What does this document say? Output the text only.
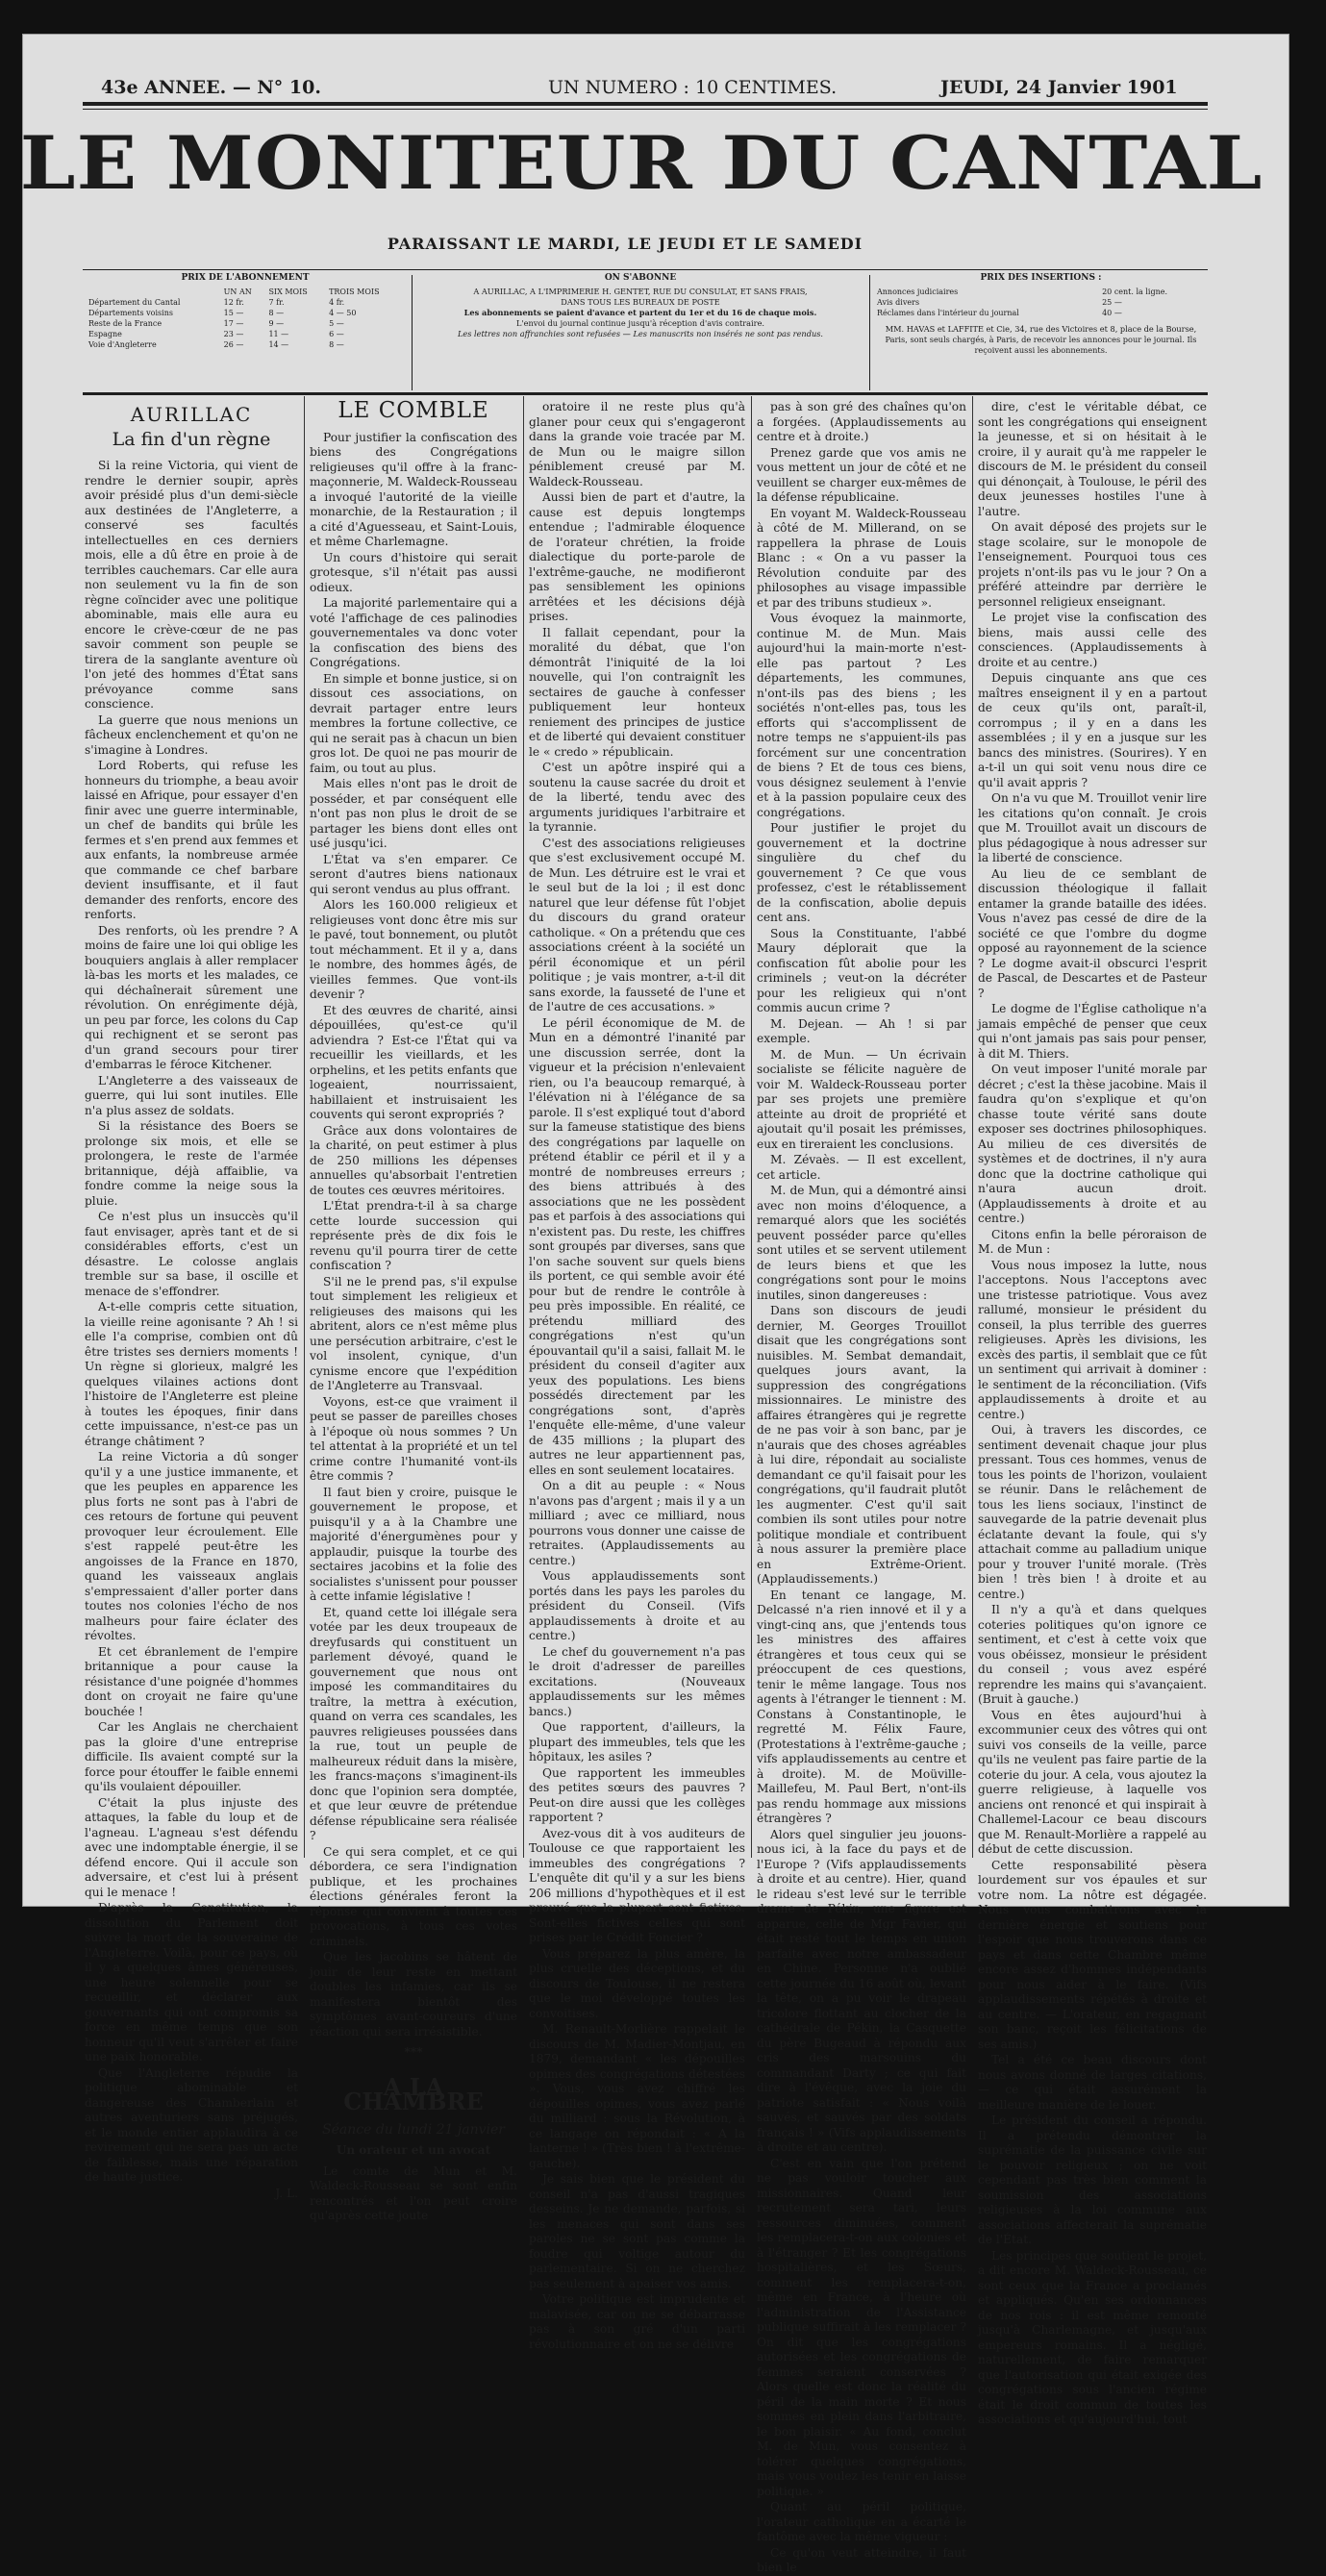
43e ANNEE. — N° 10.	UN NUMERO : 10 CENTIMES.	JEUDI, 24 Janvier 1901
LE MONITEUR DU CANTAL
PARAISSANT LE MARDI, LE JEUDI ET LE SAMEDI
PRIX DE L'ABONNEMENT
	UN AN	SIX MOIS	TROIS MOIS
Département du Cantal	12 fr.	7 fr.	4 fr.
Départements voisins	15 —	8 —	4 — 50
Reste de la France	17 —	9 —	5 —
Espagne	23 —	11 —	6 —
Voie d'Angleterre	26 —	14 —	8 —
ON S'ABONNE
A AURILLAC, A L'IMPRIMERIE H. GENTET, RUE DU CONSULAT, ET SANS FRAIS,
DANS TOUS LES BUREAUX DE POSTE
Les abonnements se paient d'avance et partent du 1er et du 16 de chaque mois.
L'envoi du journal continue jusqu'à réception d'avis contraire.
Les lettres non affranchies sont refusées — Les manuscrits non insérés ne sont pas rendus.
PRIX DES INSERTIONS :
Annonces judiciaires	20 cent. la ligne.
Avis divers	25 —
Réclames dans l'intérieur du journal	40 —
MM. HAVAS et LAFFITE et Cie, 34, rue des Victoires et 8, place de la Bourse, Paris, sont seuls chargés, à Paris, de recevoir les annonces pour le journal. Ils reçoivent aussi les abonnements.
AURILLAC
La fin d'un règne

Si la reine Victoria, qui vient de rendre le dernier soupir, après avoir présidé plus d'un demi-siècle aux destinées de l'Angleterre, a conservé ses facultés intellectuelles en ces derniers mois, elle a dû être en proie à de terribles cauchemars. Car elle aura non seulement vu la fin de son règne coïncider avec une politique abominable, mais elle aura eu encore le crève-cœur de ne pas savoir comment son peuple se tirera de la sanglante aventure où l'on jeté des hommes d'État sans prévoyance comme sans conscience.

La guerre que nous menions un fâcheux enclenchement et qu'on ne s'imagine à Londres.

Lord Roberts, qui refuse les honneurs du triomphe, a beau avoir laissé en Afrique, pour essayer d'en finir avec une guerre interminable, un chef de bandits qui brûle les fermes et s'en prend aux femmes et aux enfants, la nombreuse armée que commande ce chef barbare devient insuffisante, et il faut demander des renforts, encore des renforts.

Des renforts, où les prendre ? A moins de faire une loi qui oblige les bouquiers anglais à aller remplacer là-bas les morts et les malades, ce qui déchaînerait sûrement une révolution. On enrégimente déjà, un peu par force, les colons du Cap qui rechignent et se seront pas d'un grand secours pour tirer d'embarras le féroce Kitchener.

L'Angleterre a des vaisseaux de guerre, qui lui sont inutiles. Elle n'a plus assez de soldats.

Si la résistance des Boers se prolonge six mois, et elle se prolongera, le reste de l'armée britannique, déjà affaiblie, va fondre comme la neige sous la pluie.

Ce n'est plus un insuccès qu'il faut envisager, après tant et de si considérables efforts, c'est un désastre. Le colosse anglais tremble sur sa base, il oscille et menace de s'effondrer.

A-t-elle compris cette situation, la vieille reine agonisante ? Ah ! si elle l'a comprise, combien ont dû être tristes ses derniers moments ! Un règne si glorieux, malgré les quelques vilaines actions dont l'histoire de l'Angleterre est pleine à toutes les époques, finir dans cette impuissance, n'est-ce pas un étrange châtiment ?

La reine Victoria a dû songer qu'il y a une justice immanente, et que les peuples en apparence les plus forts ne sont pas à l'abri de ces retours de fortune qui peuvent provoquer leur écroulement. Elle s'est rappelé peut-être les angoisses de la France en 1870, quand les vaisseaux anglais s'empressaient d'aller porter dans toutes nos colonies l'écho de nos malheurs pour faire éclater des révoltes.

Et cet ébranlement de l'empire britannique a pour cause la résistance d'une poignée d'hommes dont on croyait ne faire qu'une bouchée !

Car les Anglais ne cherchaient pas la gloire d'une entreprise difficile. Ils avaient compté sur la force pour étouffer le faible ennemi qu'ils voulaient dépouiller.

C'était la plus injuste des attaques, la fable du loup et de l'agneau. L'agneau s'est défendu avec une indomptable énergie, il se défend encore. Qui il accule son adversaire, et c'est lui à présent qui le menace !

D'après la Constitution, la dissolution du Parlement doit suivre la mort de la souveraine de l'Angleterre. Voilà, pour ce pays, où il y a quelques âmes généreuses, une heure solennelle pour se recueillir, et déclarer aux gouvernants qui ont compromis sa force en même temps que son honneur qu'il veut s'arrêter et faire une paix honorable.

Que l'Angleterre répudie la politique abominable et dangereuse des Chamberlain et autres aventuriers sans préjugés, et le monde entier applaudira à ce revirement qui ne sera pas un acte de faiblesse, mais une réparation de haute justice.

J. L.
LE COMBLE

Pour justifier la confiscation des biens des Congrégations religieuses qu'il offre à la franc-maçonnerie, M. Waldeck-Rousseau a invoqué l'autorité de la vieille monarchie, de la Restauration ; il a cité d'Aguesseau, et Saint-Louis, et même Charlemagne.

Un cours d'histoire qui serait grotesque, s'il n'était pas aussi odieux.

La majorité parlementaire qui a voté l'affichage de ces palinodies gouvernementales va donc voter la confiscation des biens des Congrégations.

En simple et bonne justice, si on dissout ces associations, on devrait partager entre leurs membres la fortune collective, ce qui ne serait pas à chacun un bien gros lot. De quoi ne pas mourir de faim, ou tout au plus.

Mais elles n'ont pas le droit de posséder, et par conséquent elle n'ont pas non plus le droit de se partager les biens dont elles ont usé jusqu'ici.

L'État va s'en emparer. Ce seront d'autres biens nationaux qui seront vendus au plus offrant.

Alors les 160.000 religieux et religieuses vont donc être mis sur le pavé, tout bonnement, ou plutôt tout méchamment. Et il y a, dans le nombre, des hommes âgés, de vieilles femmes. Que vont-ils devenir ?

Et des œuvres de charité, ainsi dépouillées, qu'est-ce qu'il adviendra ? Est-ce l'État qui va recueillir les vieillards, et les orphelins, et les petits enfants que logeaient, nourrissaient, habillaient et instruisaient les couvents qui seront expropriés ?

Grâce aux dons volontaires de la charité, on peut estimer à plus de 250 millions les dépenses annuelles qu'absorbait l'entretien de toutes ces œuvres méritoires.

L'État prendra-t-il à sa charge cette lourde succession qui représente près de dix fois le revenu qu'il pourra tirer de cette confiscation ?

S'il ne le prend pas, s'il expulse tout simplement les religieux et religieuses des maisons qui les abritent, alors ce n'est même plus une persécution arbitraire, c'est le vol insolent, cynique, d'un cynisme encore que l'expédition de l'Angleterre au Transvaal.

Voyons, est-ce que vraiment il peut se passer de pareilles choses à l'époque où nous sommes ? Un tel attentat à la propriété et un tel crime contre l'humanité vont-ils être commis ?

Il faut bien y croire, puisque le gouvernement le propose, et puisqu'il y a à la Chambre une majorité d'énergumènes pour y applaudir, puisque la tourbe des sectaires jacobins et la folie des socialistes s'unissent pour pousser à cette infamie législative !

Et, quand cette loi illégale sera votée par les deux troupeaux de dreyfusards qui constituent un parlement dévoyé, quand le gouvernement que nous ont imposé les commanditaires du traître, la mettra à exécution, quand on verra ces scandales, les pauvres religieuses poussées dans la rue, tout un peuple de malheureux réduit dans la misère, les francs-maçons s'imaginent-ils donc que l'opinion sera domptée, et que leur œuvre de prétendue défense républicaine sera réalisée ?

Ce qui sera complet, et ce qui débordera, ce sera l'indignation publique, et les prochaines élections générales feront la réponse qui convient à toutes ces provocations, à tous ces votes criminels.

Que les jacobins se hâtent de jouir de leur reste en mettant doubles les infamies, car ils se manifestera bientôt des symptômes avant-coureurs d'une réaction qui sera irrésistible.

***
A LA CHAMBRE
Séance du lundi 21 janvier
Un orateur et un avocat

Le comte de Mun et M. Waldeck-Rousseau se sont enfin rencontrés et l'on peut croire qu'après cette joute

oratoire il ne reste plus qu'à glaner pour ceux qui s'engageront dans la grande voie tracée par M. de Mun ou le maigre sillon péniblement creusé par M. Waldeck-Rousseau.

Aussi bien de part et d'autre, la cause est depuis longtemps entendue ; l'admirable éloquence de l'orateur chrétien, la froide dialectique du porte-parole de l'extrême-gauche, ne modifieront pas sensiblement les opinions arrêtées et les décisions déjà prises.

Il fallait cependant, pour la moralité du débat, que l'on démontrât l'iniquité de la loi nouvelle, qui l'on contraignît les sectaires de gauche à confesser publiquement leur honteux reniement des principes de justice et de liberté qui devaient constituer le « credo » républicain.

C'est un apôtre inspiré qui a soutenu la cause sacrée du droit et de la liberté, tendu avec des arguments juridiques l'arbitraire et la tyrannie.

C'est des associations religieuses que s'est exclusivement occupé M. de Mun. Les détruire est le vrai et le seul but de la loi ; il est donc naturel que leur défense fût l'objet du discours du grand orateur catholique. « On a prétendu que ces associations créent à la société un péril économique et un péril politique ; je vais montrer, a-t-il dit sans exorde, la fausseté de l'une et de l'autre de ces accusations. »

Le péril économique de M. de Mun en a démontré l'inanité par une discussion serrée, dont la vigueur et la précision n'enlevaient rien, ou l'a beaucoup remarqué, à l'élévation ni à l'élégance de sa parole. Il s'est expliqué tout d'abord sur la fameuse statistique des biens des congrégations par laquelle on prétend établir ce péril et il y a montré de nombreuses erreurs ; des biens attribués à des associations que ne les possèdent pas et parfois à des associations qui n'existent pas. Du reste, les chiffres sont groupés par diverses, sans que l'on sache souvent sur quels biens ils portent, ce qui semble avoir été pour but de rendre le contrôle à peu près impossible. En réalité, ce prétendu milliard des congrégations n'est qu'un épouvantail qu'il a saisi, fallait M. le président du conseil d'agiter aux yeux des populations. Les biens possédés directement par les congrégations sont, d'après l'enquête elle-même, d'une valeur de 435 millions ; la plupart des autres ne leur appartiennent pas, elles en sont seulement locataires.

On a dit au peuple : « Nous n'avons pas d'argent ; mais il y a un milliard ; avec ce milliard, nous pourrons vous donner une caisse de retraites. (Applaudissements au centre.)

Vous applaudissements sont portés dans les pays les paroles du président du Conseil. (Vifs applaudissements à droite et au centre.)

Le chef du gouvernement n'a pas le droit d'adresser de pareilles excitations. (Nouveaux applaudissements sur les mêmes bancs.)

Que rapportent, d'ailleurs, la plupart des immeubles, tels que les hôpitaux, les asiles ?

Que rapportent les immeubles des petites sœurs des pauvres ? Peut-on dire aussi que les collèges rapportent ?

Avez-vous dit à vos auditeurs de Toulouse ce que rapportaient les immeubles des congrégations ? L'enquête dit qu'il y a sur les biens 206 millions d'hypothèques et il est prouvé que la plupart sont fictives. Sont-elles fictives celles qui sont prises par le Crédit Foncier ?

Vous préparez la plus amère, la plus cruelle des déceptions, et du discours de Toulouse, il ne restera que le moi développé toutes les convoitises.

M. Renault-Morlière rappelait le discours de M. Madier-Montjau, en 1879, demandant « les dépouilles opimes des congrégations détestées ». Vous, vous avez chiffré les dépouilles opimes, vous avez parlé du milliard : sous la Révolution, à ce langage on répondait : « A la lanterne ! » (Très bien ! à l'extrême-gauche).

Je sais bien que le président du conseil n'a pas d'aussi tragiques desseins. Je ne demande, parfois, si les menaces qui sont dans ses paroles ne se sont pas comme la foudre qui voltige autour du parlementaire. Si on ne cherchez pas seulement à apaiser vos amis.

Votre politique est imprudente et malavisée, car on ne se débarrasse pas à son gré d'un parti révolutionnaire et on ne se délivre

pas à son gré des chaînes qu'on a forgées. (Applaudissements au centre et à droite.)

Prenez garde que vos amis ne vous mettent un jour de côté et ne veuillent se charger eux-mêmes de la défense républicaine.

En voyant M. Waldeck-Rousseau à côté de M. Millerand, on se rappellera la phrase de Louis Blanc : « On a vu passer la Révolution conduite par des philosophes au visage impassible et par des tribuns studieux ».

Vous évoquez la mainmorte, continue M. de Mun. Mais aujourd'hui la main-morte n'est-elle pas partout ? Les départements, les communes, n'ont-ils pas des biens ; les sociétés n'ont-elles pas, tous les efforts qui s'accomplissent de notre temps ne s'appuient-ils pas forcément sur une concentration de biens ? Et de tous ces biens, vous désignez seulement à l'envie et à la passion populaire ceux des congrégations.

Pour justifier le projet du gouvernement et la doctrine singulière du chef du gouvernement ? Ce que vous professez, c'est le rétablissement de la confiscation, abolie depuis cent ans.

Sous la Constituante, l'abbé Maury déplorait que la confiscation fût abolie pour les criminels ; veut-on la décréter pour les religieux qui n'ont commis aucun crime ?

M. Dejean. — Ah ! si par exemple.

M. de Mun. — Un écrivain socialiste se félicite naguère de voir M. Waldeck-Rousseau porter par ses projets une première atteinte au droit de propriété et ajoutait qu'il posait les prémisses, eux en tireraient les conclusions.

M. Zévaès. — Il est excellent, cet article.

M. de Mun, qui a démontré ainsi avec non moins d'éloquence, a remarqué alors que les sociétés peuvent posséder parce qu'elles sont utiles et se servent utilement de leurs biens et que les congrégations sont pour le moins inutiles, sinon dangereuses :

Dans son discours de jeudi dernier, M. Georges Trouillot disait que les congrégations sont nuisibles. M. Sembat demandait, quelques jours avant, la suppression des congrégations missionnaires. Le ministre des affaires étrangères qui je regrette de ne pas voir à son banc, par je n'aurais que des choses agréables à lui dire, répondait au socialiste demandant ce qu'il faisait pour les congrégations, qu'il faudrait plutôt les augmenter. C'est qu'il sait combien ils sont utiles pour notre politique mondiale et contribuent à nous assurer la première place en Extrême-Orient. (Applaudissements.)

En tenant ce langage, M. Delcassé n'a rien innové et il y a vingt-cinq ans, que j'entends tous les ministres des affaires étrangères et tous ceux qui se préoccupent de ces questions, tenir le même langage. Tous nos agents à l'étranger le tiennent : M. Constans à Constantinople, le regretté M. Félix Faure, (Protestations à l'extrême-gauche ; vifs applaudissements au centre et à droite). M. de Moüville-Maillefeu, M. Paul Bert, n'ont-ils pas rendu hommage aux missions étrangères ?

Alors quel singulier jeu jouons-nous ici, à la face du pays et de l'Europe ? (Vifs applaudissements à droite et au centre). Hier, quand le rideau s'est levé sur le terrible drame de Pékin, une figure est apparue, celle de Mgr Favier, qui était resté tout le temps en union parfaite avec notre ambassadeur en Chine. Personne n'a oublié cette journée du 16 août où, levant la tête, on a pu voir le drapeau tricolore flottant au clocher de la cathédrale de Pékin, la Casquette du père Bugeaud à répondu aux cris des marsouins du commandant Darty ; ce qui fait dire à l'évêque, avec la joie du patriote satisfait : « Nous voilà sauvés, et sauvés par des soldats français ! » (Vifs applaudissements à droite et au centre).

C'est en vain que l'on prétend ne pas vouloir toucher aux missionnaires. Quand leur recrutement sera tari, leurs ressources diminuées, comment les remplacera-t-on aux colonies et à l'étranger ? Et les congrégations hospitalières, et les Sœurs, comment les remplacera-t-on, même en France, à l'heure où l'administration de l'Assistance publique suffirait à les remplacer ? On dit que les congrégations autorisées et les congrégations de femmes seraient conservées ? Alors quelle est donc la réalité du péril de la main morte ? Et nous sommes en plein dans l'arbitraire, le bon plaisir. « Au fond, conclut M. de Mun, vous consentez à tolérer quelques congrégations, mais vous voulez les tenir en laisse politique. »

Quant au péril politique, l'orateur catholique en a écarté le fantôme avec la même vigueur :

Ce qu'on veut atteindre, il faut bien le

dire, c'est le véritable débat, ce sont les congrégations qui enseignent la jeunesse, et si on hésitait à le croire, il y aurait qu'à me rappeler le discours de M. le président du conseil qui dénonçait, à Toulouse, le péril des deux jeunesses hostiles l'une à l'autre.

On avait déposé des projets sur le stage scolaire, sur le monopole de l'enseignement. Pourquoi tous ces projets n'ont-ils pas vu le jour ? On a préféré atteindre par derrière le personnel religieux enseignant.

Le projet vise la confiscation des biens, mais aussi celle des consciences. (Applaudissements à droite et au centre.)

Depuis cinquante ans que ces maîtres enseignent il y en a partout de ceux qu'ils ont, paraît-il, corrompus ; il y en a dans les assemblées ; il y en a jusque sur les bancs des ministres. (Sourires). Y en a-t-il un qui soit venu nous dire ce qu'il avait appris ?

On n'a vu que M. Trouillot venir lire les citations qu'on connaît. Je crois que M. Trouillot avait un discours de plus pédagogique à nous adresser sur la liberté de conscience.

Au lieu de ce semblant de discussion théologique il fallait entamer la grande bataille des idées. Vous n'avez pas cessé de dire de la société ce que l'ombre du dogme opposé au rayonnement de la science ? Le dogme avait-il obscurci l'esprit de Pascal, de Descartes et de Pasteur ?

Le dogme de l'Église catholique n'a jamais empêché de penser que ceux qui n'ont jamais pas sais pour penser, à dit M. Thiers.

On veut imposer l'unité morale par décret ; c'est la thèse jacobine. Mais il faudra qu'on s'explique et qu'on chasse toute vérité sans doute exposer ses doctrines philosophiques. Au milieu de ces diversités de systèmes et de doctrines, il n'y aura donc que la doctrine catholique qui n'aura aucun droit. (Applaudissements à droite et au centre.)

Citons enfin la belle péroraison de M. de Mun :

Vous nous imposez la lutte, nous l'acceptons. Nous l'acceptons avec une tristesse patriotique. Vous avez rallumé, monsieur le président du conseil, la plus terrible des guerres religieuses. Après les divisions, les excès des partis, il semblait que ce fût un sentiment qui arrivait à dominer : le sentiment de la réconciliation. (Vifs applaudissements à droite et au centre.)

Oui, à travers les discordes, ce sentiment devenait chaque jour plus pressant. Tous ces hommes, venus de tous les points de l'horizon, voulaient se réunir. Dans le relâchement de tous les liens sociaux, l'instinct de sauvegarde de la patrie devenait plus éclatante devant la foule, qui s'y attachait comme au palladium unique pour y trouver l'unité morale. (Très bien ! très bien ! à droite et au centre.)

Il n'y a qu'à et dans quelques coteries politiques qu'on ignore ce sentiment, et c'est à cette voix que vous obéissez, monsieur le président du conseil ; vous avez espéré reprendre les mains qui s'avançaient. (Bruit à gauche.)

Vous en êtes aujourd'hui à excommunier ceux des vôtres qui ont suivi vos conseils de la veille, parce qu'ils ne veulent pas faire partie de la coterie du jour. A cela, vous ajoutez la guerre religieuse, à laquelle vos anciens ont renoncé et qui inspirait à Challemel-Lacour ce beau discours que M. Renault-Morlière a rappelé au début de cette discussion.

Cette responsabilité pèsera lourdement sur vos épaules et sur votre nom. La nôtre est dégagée. Nous vous combattrons avec la dernière énergie et soutiens pour l'espoir que nous trouverons dans ce pays et dans cette Chambre même encore assez d'hommes indépendants pour nous aider à le faire. (Vifs applaudissements répétés à droite et au centre. — L'orateur, en regagnant son banc, reçoit les félicitations de ses amis.)

Tel a été ce beau discours dont nous avons donné de larges citations, — ce qui était assurément la meilleure manière de le louer.

Le président du conseil a répondu. Il a prétendu démontrer la suprématie de la puissance civile sur le pouvoir religieux ; on ne voit cependant pas très bien comment la soumission des associations religieuses à la loi commune aux associations affecterait la suprématie de l'État.

Les principes que soutient le projet, a dit encore M. Waldeck-Rousseau, ce sont ceux que la France a proclamés et appliqués. Qu'en ses ordonnances de nos rois : il est même remonté jusqu'à Charlemagne, et jusqu'aux empereurs romains. Il a négligé, naturellement, de faire remarquer que l'autorisation qui était exigée des congrégations sous l'ancien régime était le droit commun de toutes les associations et qu'aujourd'hui, tout
